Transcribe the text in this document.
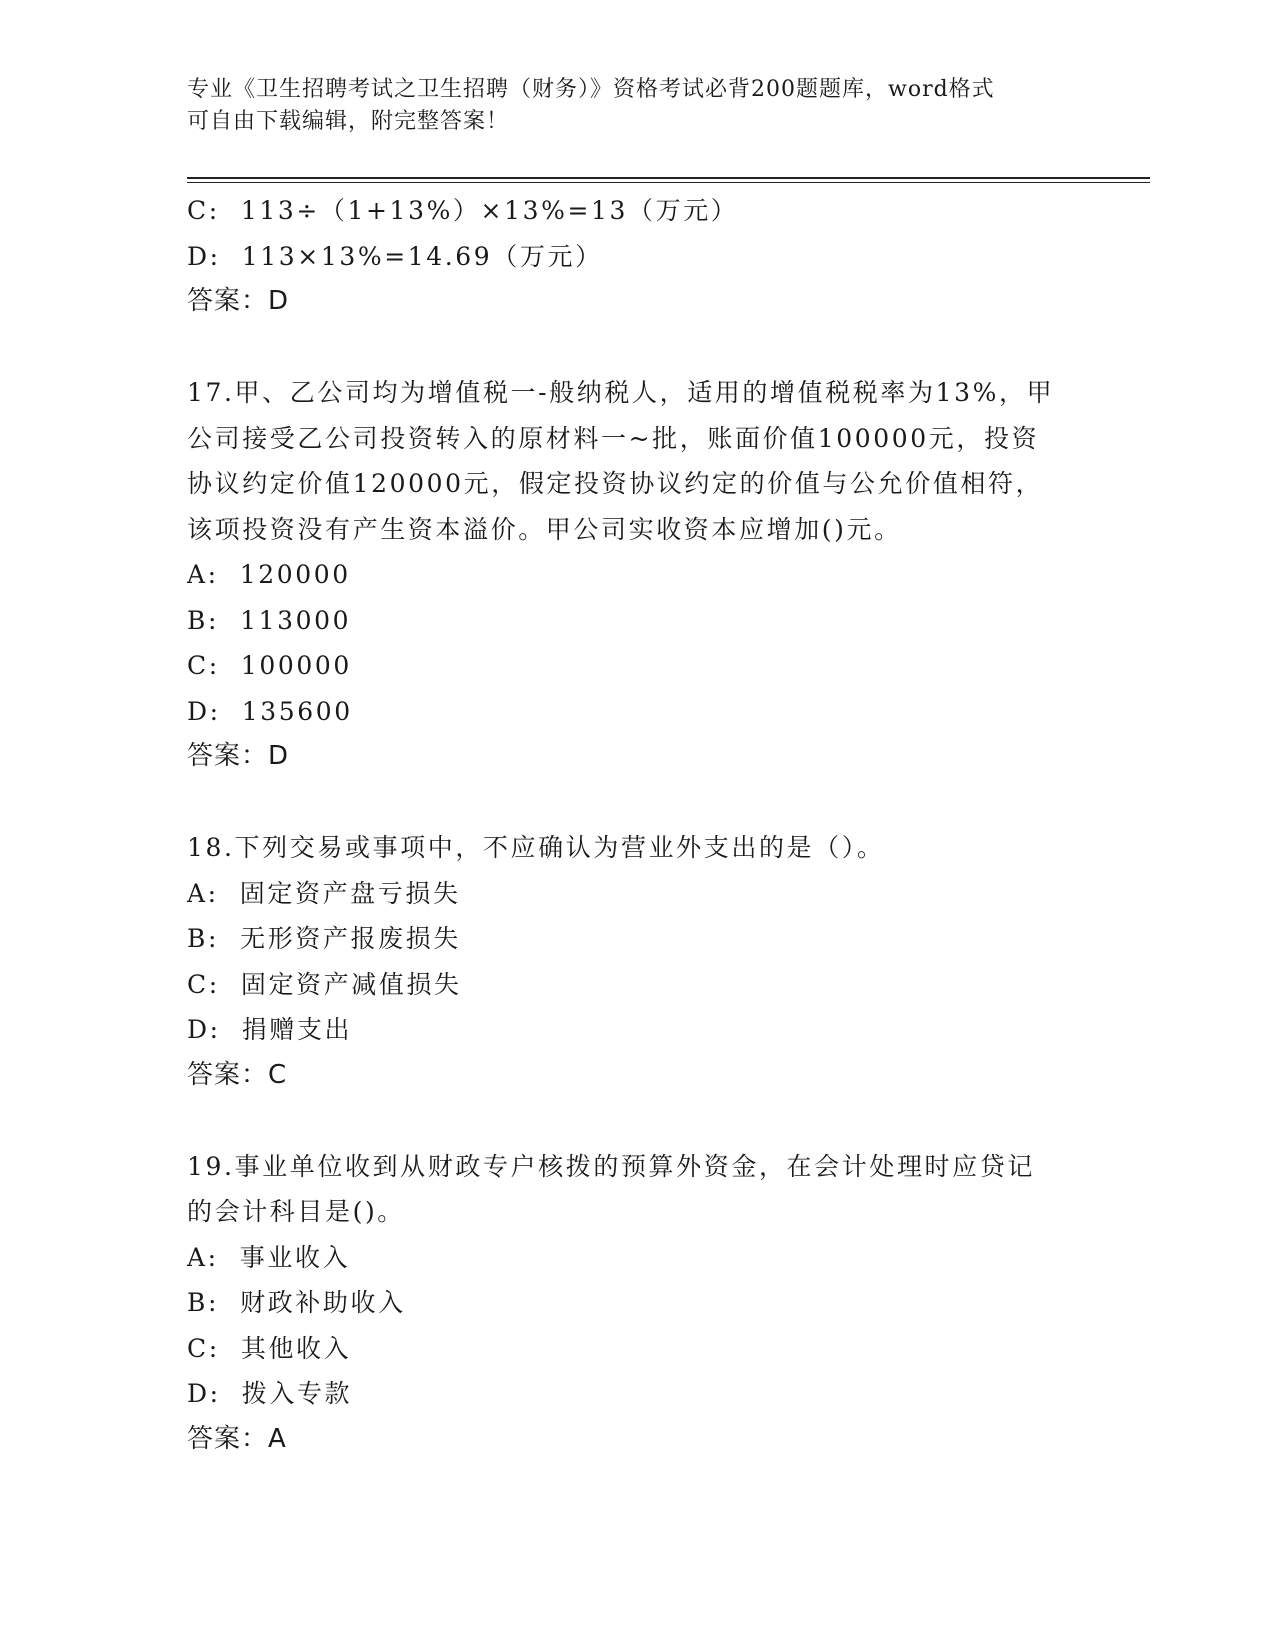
专业《卫生招聘考试之卫生招聘（财务）》资格考试必背200题题库，word格式
可自由下载编辑，附完整答案！
C:  113÷（1+13%）×13%=13（万元）
D:  113×13%=14.69（万元）
答案：D
17.甲、乙公司均为增值税一-般纳税人，适用的增值税税率为13%，甲
公司接受乙公司投资转入的原材料一~批，账面价值100000元，投资
协议约定价值120000元，假定投资协议约定的价值与公允价值相符，
该项投资没有产生资本溢价。甲公司实收资本应增加()元。
A:  120000
B:  113000
C:  100000
D:  135600
答案：D
18.下列交易或事项中，不应确认为营业外支出的是（）。
A:  固定资产盘亏损失
B:  无形资产报废损失
C:  固定资产减值损失
D:  捐赠支出
答案：C
19.事业单位收到从财政专户核拨的预算外资金，在会计处理时应贷记
的会计科目是()。
A:  事业收入
B:  财政补助收入
C:  其他收入
D:  拨入专款
答案：A
